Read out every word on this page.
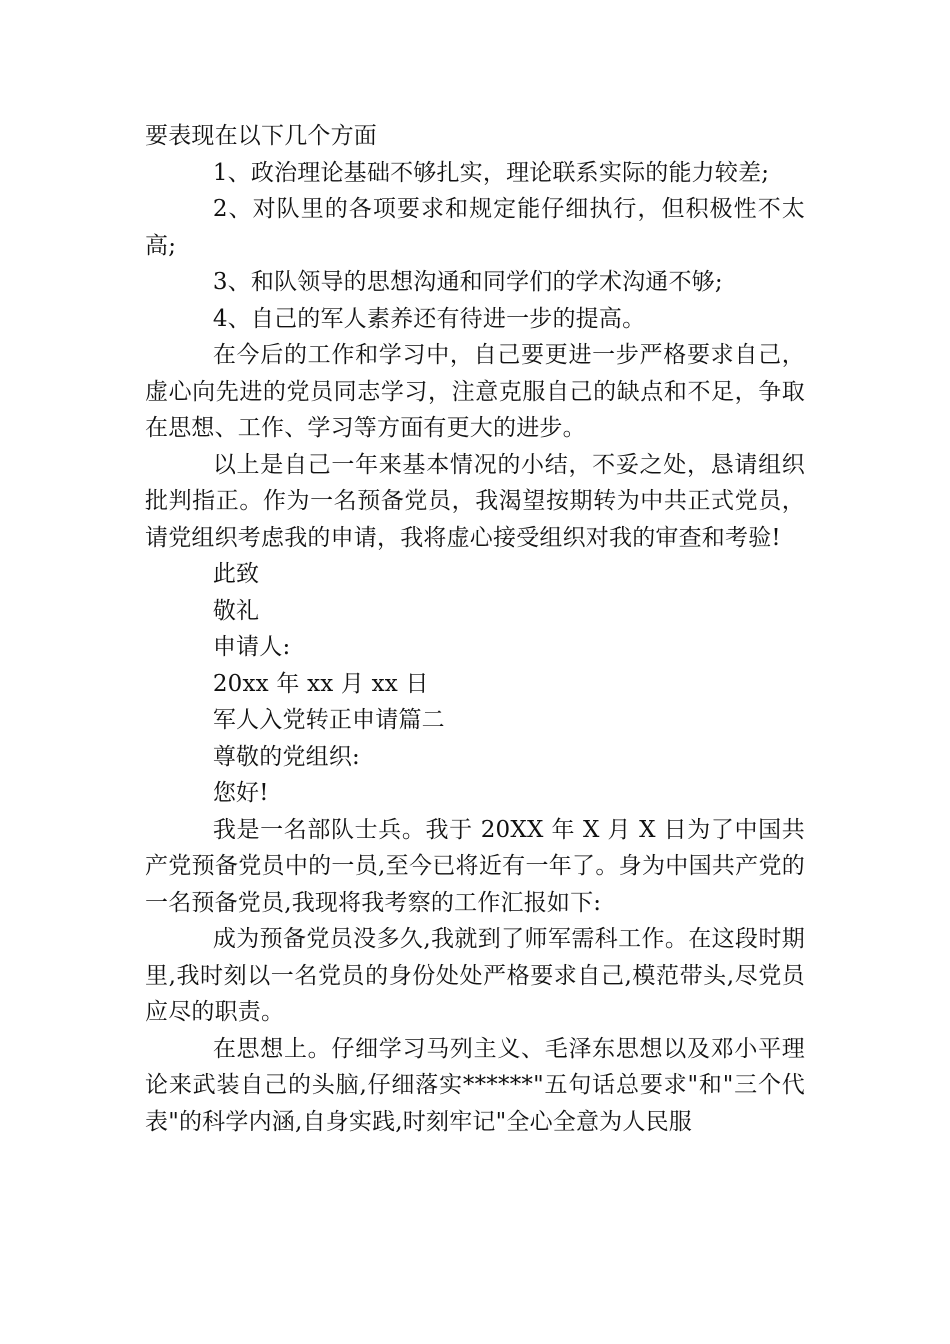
要表现在以下几个方面

1、政治理论基础不够扎实，理论联系实际的能力较差;

2、对队里的各项要求和规定能仔细执行，但积极性不太高;

3、和队领导的思想沟通和同学们的学术沟通不够;

4、自己的军人素养还有待进一步的提高。

在今后的工作和学习中，自己要更进一步严格要求自己，虚心向先进的党员同志学习，注意克服自己的缺点和不足，争取在思想、工作、学习等方面有更大的进步。

以上是自己一年来基本情况的小结，不妥之处，恳请组织批判指正。作为一名预备党员，我渴望按期转为中共正式党员，请党组织考虑我的申请，我将虚心接受组织对我的审查和考验!

此致

敬礼

申请人:

20xx 年 xx 月 xx 日

军人入党转正申请篇二

尊敬的党组织:

您好!

我是一名部队士兵。我于 20XX 年 X 月 X 日为了中国共产党预备党员中的一员,至今已将近有一年了。身为中国共产党的一名预备党员,我现将我考察的工作汇报如下:

成为预备党员没多久,我就到了师军需科工作。在这段时期里,我时刻以一名党员的身份处处严格要求自己,模范带头,尽党员应尽的职责。

在思想上。仔细学习马列主义、毛泽东思想以及邓小平理论来武装自己的头脑,仔细落实******"五句话总要求"和"三个代表"的科学内涵,自身实践,时刻牢记"全心全意为人民服
